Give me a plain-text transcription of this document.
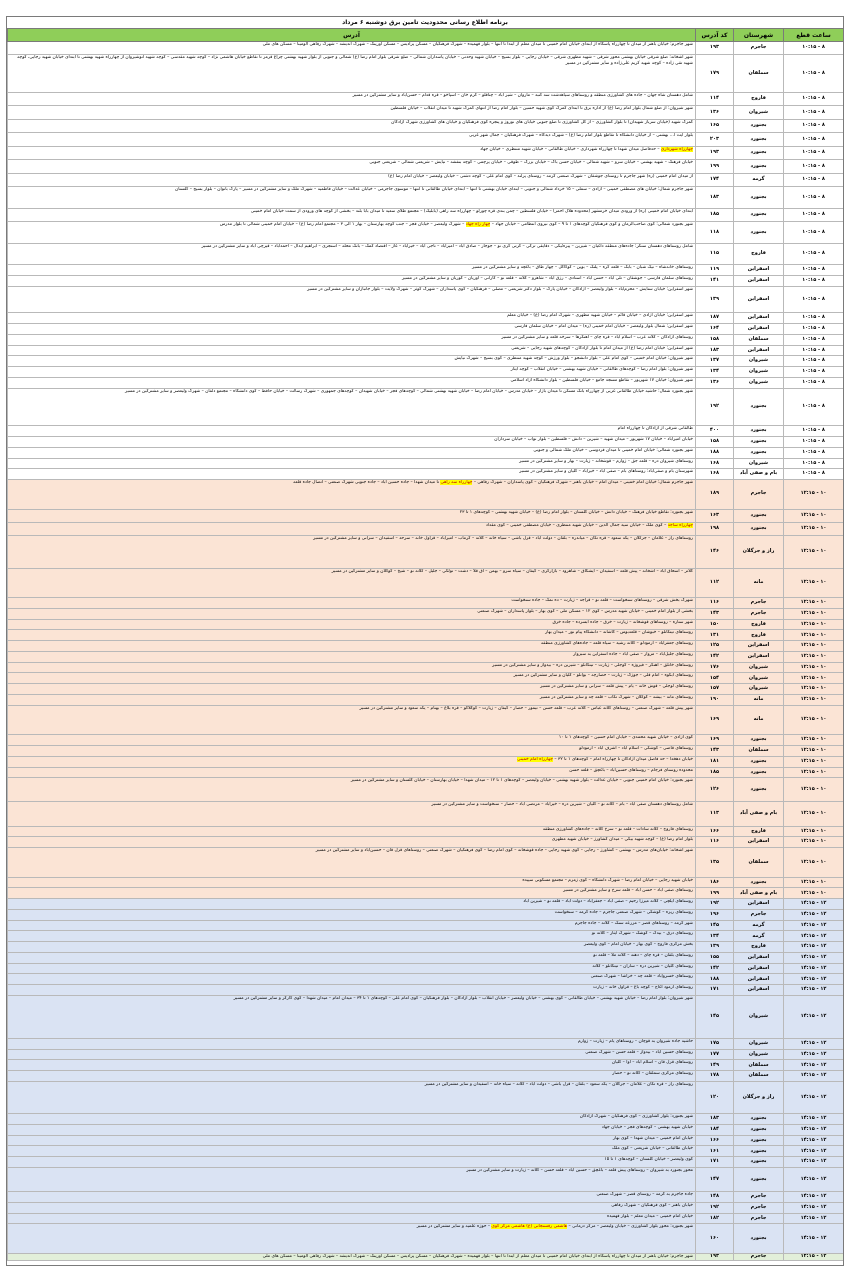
برنامه اطلاع رسانی محدودیت تامین برق دوشنبه ۶ مرداد
ساعت قطع
شهرستان
کد آدرس
آدرس
۸ - ۱۰:۱۵
جاجرم
۱۹۳
شهر جاجرم: خیابان باهنر از میدان تا چهارراه پاسگاه از ابتدای خیابان امام خمینی تا میدان معلم از ابتدا تا انتها – بلوار فهمیده – شهرک فرهنگیان – مسکن پرادیس – مسکن اورینگ – شهرک اندیشه – شهرک رفاهی الومینا – مسکن های ملی
۸ - ۱۰:۱۵
سملقان
۱۷۹
شهر آشخانه: ضلع شرقی خیابان بهشتی محور شرقی – شهید مطهری شرقی – خیابان رجایی – بلوار بسیج – خیابان شهید وحدتی – خیابان پاسداران شمالی – ضلع شرقی بلوار امام رضا (ع) شمالی و جنوبی از بلوار شهید بهشتی چراغ قرمز تا تقاطع خیابان هاشمی نژاد – کوچه شهید مقدسی – کوچه شهید انوشیروان از چهارراه شهید بهشتی تا ابتدای خیابان شهید رجایی، کوچه شهید تقی زاده – کوچه شهید کریم علی‌زاده و سایر مشترکین در مسیر
۸ - ۱۰:۱۵
فاروج
۱۱۴
شامل دهستان شاه جهان – جاده های کشاورزی منطقه و روستاهای سیاهدشت سه گنبد – ماروان – شیر آباد – چناقلو – گرم خان – اسپاخو – قره قدام – حسن‌آباد و سایر مشترکین در مسیر
۸ - ۱۰:۱۵
شیروان
۱۳۶
شهر شیروان: از ضلع شمال بلوار امام رضا (ع) از اداره برق تا ابتدای گمرک کوی شهید حسین – بلوار امام رضا از انتهای گمرک شهید تا میدان انقلاب – خیابان فلسطین
۸ - ۱۰:۱۵
بجنورد
۱۶۵
گمرک شهید (خیابان سرباز شهیدان) تا بلوار کشاورزی – از کل کشاورزی تا ضلع جنوبی خیابان های نوروز و پنجره کوی فرهنگیان و خیابان های کشاورزی شهرک آزادگان
۸ - ۱۰:۱۵
بجنورد
۲۰۳
بلوار آیت ا... بهشتی – از خیابان دانشگاه تا تقاطع بلوار امام رضا (ع) – شهرک دیدگاه – شهرک فرهنگیان – جمال شهر غربی
۸ - ۱۰:۱۵
بجنورد
۱۹۳
چهارراه شهرداری – حدفاصل میدان شهدا تا چهارراه شهرداری – خیابان طالقانی – خیابان شهید منتظری – خیابان جهاد
۸ - ۱۰:۱۵
بجنورد
۱۹۹
خیابان فرهنگ – شهید بهشتی – خیابان سرو – شهید شمالی – خیابان حسن باک – خیابان بزرگ – طوقی – خیابان پرچمی – کوچه بنفشه – نیایش – شریعتی شمالی – شریعتی جنوبی
۸ - ۱۰:۱۵
گرمه
۱۷۴
از میدان امام خمینی (ره) شهر جاجرم تا روستای جوشقان – شهرک صنعتی گرمه – روستای پرلند – کوی امام علی – کوچه دشتی – خیابان ولیعصر – خیابان امام رضا (ع)
۸ - ۱۰:۱۵
بجنورد
۱۸۳
شهر جاجرم شمال: خیابان های مصطفی خمینی – آزادی – سملی – ۱۵ خرداد شمالی و جنوبی – ابتدای خیابان بهشتی تا انتها – ابتدای خیابان طالقانی تا انتها – موسوی جاجرمی – خیابان عدالت – خیابان فاطمیه – شهرک ملک و سایر مشترکین در مسیر – پارک بانوان – بلوار بسیج – گلستان
۸ - ۱۰:۱۵
بجنورد
۱۸۵
ابتدای خیابان امام خمینی (ره) از ورودی میدان خرمشهر (محدوده هلال احمر) – خیابان فلسطین – چمن بندی قره چورلو – چهارراه سه راهی (بابلیک) – مجتمع طلای سعید تا میدان بابا بلند – بخشی از کوچه های ورودی از سمت خیابان امام خمینی
۸ - ۱۰:۱۵
بجنورد
۱۱۸
شهر بجنورد شمالی: کوی صاحب‌الزمان و کوی فرهنگیان کوچه‌های ۱ تا ۹ – کوی نیروی انتظامی – خیابان جهاد – چهار راه جهاد – شهرک ولیعصر – خیابان فجر – جنب کوچه بهارستان – بهار ۱ الی ۳ – مجتمع امام رضا (ع) – خیابان امام خمینی شمالی تا بلوار مدرس
۸ - ۱۰:۱۵
فاروج
۱۱۵
شامل روستاهای دهستان سنگر: جاده‌های منطقه داغیان – شیرین – پیره‌ئیکی – دقایقی ترکی – گرتی گری نو – جوجار – صادق آباد – امیرآباد – تاجی آباد – خیرآباد – غاز – اقتصاد کمک – بانک محله – استجری – ابراهیم ابدال – احمدآباد – قیرچی آباد و سایر مشترکین در مسیر
۸ - ۱۰:۱۵
اسفراین
۱۱۹
روستاهای خانه‌شاه – نیک شبان – بابک – قلعه گره – پلنگ – بوین – کوکاکل – چهار طاق – باغچه و سایر مشترکین در مسیر
۸ - ۱۰:۱۵
اسفراین
۱۴۱
روستاهای سلمان فارسی – جوشقان – تلی آباد – حسن آباد – آستادی – رزق آباد – شاهرو – کلاته – قلعه نو – گارانی – اوریان – گوریان و سایر مشترکین در مسیر
۸ - ۱۰:۱۵
اسفراین
۱۳۹
شهر اسفراین: خیابان ستایش – محرم‌آباد – بلوار ولیعصر – آزادگان – خیابان پارک – بلوار دکتر شریعتی – مصلی – فرهنگیان – کوی پاسداران – شهرک کوثر – شهرک ولایت – بلوار جانبازان و سایر مشترکین در مسیر
۸ - ۱۰:۱۵
اسفراین
۱۸۷
شهر اسفراین: خیابان آزادی – خیابان قائم – خیابان شهید مطهری – شهرک امام رضا (ع) – خیابان معلم
۸ - ۱۰:۱۵
اسفراین
۱۶۴
شهر اسفراین: شمال بلوار ولیعصر – خیابان امام خمینی (ره) – میدان امام – خیابان سلمان فارسی
۸ - ۱۰:۱۵
سملقان
۱۵۸
روستاهای آزادگان – کلاته عرب – اسلام آباد – قره چای – آهنگرها – سرخه قلعه و سایر مشترکین در مسیر
۸ - ۱۰:۱۵
اسفراین
۱۸۳
شهر اسفراین: خیابان امام رضا (ع) از میدان امام تا بلوار آزادگان – کوچه‌های شهید رجایی – شریعتی
۸ - ۱۰:۱۵
شیروان
۱۳۷
شهر شیروان: خیابان امام خمینی – کوی امام علی – بلوار دانشجو – بلوار ورزش – کوچه شهید منتظری – کوی بسیج – شهرک نیایش
۸ - ۱۰:۱۵
شیروان
۱۳۴
شهر شیروان: بلوار امام رضا – کوچه‌های طالقانی – خیابان شهید بهشتی – خیابان انقلاب – کوچه ایثار
۸ - ۱۰:۱۵
شیروان
۱۳۶
شهر شیروان: خیابان ۱۷ شهریور – تقاطع مسجد جامع – خیابان فلسطین – بلوار دانشگاه آزاد اسلامی
۸ - ۱۰:۱۵
بجنورد
۱۹۲
شهر بجنورد شمال: حاشیه خیابان طالقانی غربی از چهارراه بانک مسکن تا میدان بازار – خیابان مدرس – خیابان امام رضا – خیابان شهید بهشتی شمالی – کوچه‌های فجر – خیابان شهیدان – کوچه‌های جمهوری – شهرک رسالت – خیابان حافظ – کوی دانشگاه – مجتمع دلفان – شهرک ولیعصر و سایر مشترکین در مسیر
۸ - ۱۰:۱۵
بجنورد
۴۰۰
طالقانی شرقی از آزادگان تا چهارراه امام
۸ - ۱۰:۱۵
بجنورد
۱۵۸
خیابان امیرآباد – خیابان ۱۷ شهریور – میدان شهید – شیرین – دانش – فلسطین – بلوار نواب – خیابان سرداران
۸ - ۱۰:۱۵
بجنورد
۱۸۸
شهر بجنورد شمالی: خیابان امام خمینی تا میدان فردوسی – خیابان ملک شمالی و جنوبی
۸ - ۱۰:۱۵
شیروان
۱۶۸
روستاهای شیروان دره – قلعه جق – زوارم – قوشخانه – زیارت – بهار و سایر مشترکین در مسیر
۸ - ۱۰:۱۵
بام و صفی آباد
۱۶۸
شهرستان بام و صفی‌آباد: روستاهای بام – صفی آباد – خیرآباد – گلیان و سایر مشترکین در مسیر
۱۰ - ۱۲:۱۵
جاجرم
۱۸۹
شهر جاجرم شمال: خیابان امام خمینی – میدان امام – خیابان باهنر – شهرک فرهنگیان – کوی پاسداران – شهرک رفاهی – چهارراه سه راهی تا میدان شهدا – جاده حسین آباد – جاده جنوبی شهرک صنعتی – اتصال جاده قلعه
۱۰ - ۱۲:۱۵
بجنورد
۱۶۳
شهر بجنورد: تقاطع خیابان فرهنگ – خیابان دانش – خیابان گلستان – بلوار امام رضا (ع) – خیابان شهید بهشتی – کوچه‌های ۱ تا ۲۳
۱۰ - ۱۲:۱۵
بجنورد
۱۹۸
چهارراه ساجد – کوی ملک – خیابان سید جمال الدین – خیابان شهید منتظری – خیابان مصطفی خمینی – کوی مقداد
۱۰ - ۱۲:۱۵
راز و جرگلان
۱۴۶
روستاهای راز – غلامان – جرگلان – یکه سعود – قره تکان – میاندره – بلقان – دولت آباد – قزل باشی – سیاه خانه – کلاته – گرماب – امیرآباد – قراول خانه – سرحد – اسفیدان – سرانی و سایر مشترکین در مسیر
۱۰ - ۱۲:۱۵
مانه
۱۱۲
کلاتر – اسحاق آباد – آشخانه – پیش قلعه – اسفیدان – ایشکاق – شاهرود – بازارگری – گیفان – سیاه سرو – بهمن – آق قلا – دشت – تولکی – جلیل – کلاته نو – شیخ – گوکلان و سایر مشترکین در مسیر
۱۰ - ۱۲:۱۵
جاجرم
۱۱۶
شهرک بخش شرقی – روستاهای سنخواست – قلعه نو – قراجه – زیارت – ده نمک – جاده سنخواست
۱۰ - ۱۲:۱۵
جاجرم
۱۴۳
بخشی از بلوار امام خمینی – خیابان شهید مدرس – کوی ۱۲ – مسکن ملی – کوی بهار – بلوار پاسداران – شهرک صنعتی
۱۰ - ۱۲:۱۵
فاروج
۱۵۰
شهر ستاره – روستاهای قوشخانه – زیارت – خرق – جاده آبسرده – جاده خرق
۱۰ - ۱۲:۱۵
فاروج
۱۳۱
روستاهای تیتکانلو – خبوشان – قلعه‌بوس – کاشانه – دانشگاه پیام نور – میدان بهار
۱۰ - ۱۲:۱۵
اسفراین
۱۲۵
روستاهای جعفرآباد – آرمودلو – کلاته رشید – سیاه قلعه – جاده‌های کشاورزی منطقه
۱۰ - ۱۲:۱۵
اسفراین
۱۴۲
روستاهای جلیل‌آباد – مروار – صفی آباد – جاده اسفراین به سبزوار
۱۰ - ۱۲:۱۵
شیروان
۱۷۶
روستاهای خانلق – آهنگر – فیروزه – گوجلی – زیارت – تیتکانلو – شیرین دره – بیدواز و سایر مشترکین در مسیر
۱۰ - ۱۲:۱۵
شیروان
۱۵۴
روستاهای آبکوه – امام قلی – جوزک – زیارت – حصارچه – بوانلو – گلیان و سایر مشترکین در مسیر
۱۰ - ۱۲:۱۵
شیروان
۱۵۷
روستاهای لوجلی – قوش خانه – یام – پیش قلعه – سرانی و سایر مشترکین در مسیر
۱۰ - ۱۲:۱۵
مانه
۱۹۰
روستاهای مانه – بیشه – گوکلان – شهرک تکاب – قلعه چه و سایر مشترکین در مسیر
۱۰ - ۱۲:۱۵
مانه
۱۶۹
شهر پیش قلعه – شهرک صنعتی – روستاهای کلاته عباس – کلاته عرب – قلعه حسن – تیمور – حصار – گیفان – زیارت – کوکلاکو – قره بلاغ – بهنام – یکه سعود و سایر مشترکین در مسیر
۱۰ - ۱۲:۱۵
بجنورد
۱۶۹
کوی آزادی – خیابان شهید محمدی – خیابان امام حسین – کوچه‌های ۱ تا ۱۰
۱۰ - ۱۲:۱۵
سملقان
۱۴۳
روستاهای قاضی – کوشکی – اسلام آباد – اشرف آباد – آرمودلو
۱۰ - ۱۲:۱۵
بجنورد
۱۸۱
خیابان دهخدا – حد فاصل میدان آزادگان تا چهارراه امام – کوچه‌های ۱ تا ۳۲ – چهارراه امام خمینی
۱۰ - ۱۲:۱۵
بجنورد
۱۸۵
محدوده روستای فرجام – روستاهای حسین‌آباد – باغچق – قلعه حسن
۱۰ - ۱۲:۱۵
بجنورد
۱۲۶
شهر بجنورد: خیابان امام خمینی جنوبی – خیابان عدالت – بلوار شهید بهشتی – خیابان ولیعصر – کوچه‌های ۱ تا ۱۲ – میدان شهدا – خیابان بهارستان – خیابان گلستان و سایر مشترکین در مسیر
۱۰ - ۱۲:۱۵
بام و صفی آباد
۱۱۳
شامل روستاهای دهستان صفی آباد – بام – کلاته نو – گلیان – شیرین دره – خیرآباد – مرتضی آباد – حصار – سنخواست و سایر مشترکین در مسیر
۱۰ - ۱۲:۱۵
فاروج
۱۶۶
روستاهای فاروج – کلاته سادات – قلعه نو – سرخ کلاته – جاده‌های کشاورزی منطقه
۱۰ - ۱۲:۱۵
اسفراین
۱۱۶
بلوار امام رضا (ع) – کوچه شهید بیگی – میدان کشاورز – خیابان شهید مطهری
۱۰ - ۱۲:۱۵
سملقان
۱۳۵
شهر آشخانه: خیابان‌های مدرس – بهشتی – کشاورز – رجایی – کوی شهید رجایی – جاده قوشخانه – کوی امام رضا – کوی فرهنگیان – شهرک صنعتی – روستاهای قزل قان – حسین‌آباد و سایر مشترکین در مسیر
۱۰ - ۱۲:۱۵
بجنورد
۱۸۶
خیابان شهید رجایی – خیابان امام رضا – شهرک دانشگاه – کوی زمزم – مجتمع مسکونی سپیده
۱۰ - ۱۲:۱۵
بام و صفی آباد
۱۹۹
روستاهای صفی آباد – حسن آباد – قلعه سرخ و سایر مشترکین در مسیر
۱۲ - ۱۴:۱۵
اسفراین
۱۹۲
روستاهای ایلچی – کلاته میرزا رحیم – صفی آباد – جعفرآباد – دولت آباد – قلعه نو – شیرین آباد
۱۲ - ۱۴:۱۵
جاجرم
۱۹۶
روستاهای ریزه – کوشکی – شهرک صنعتی جاجرم – جاده گرمه – سنخواست
۱۲ - ۱۴:۱۵
گرمه
۱۴۵
شهر گرمه – روستاهای قصر – مزرعه سنگ – کلاته – جاده جاجرم
۱۲ - ۱۴:۱۵
گرمه
۱۳۴
روستاهای درق – بیدک – کوشک – شهرک ایثار – کلاته نو
۱۲ - ۱۴:۱۵
فاروج
۱۳۹
بخش مرکزی فاروج – کوی بهار – خیابان امام – کوی ولیعصر
۱۲ - ۱۴:۱۵
اسفراین
۱۵۵
روستاهای بلقان – قره چای – دهنه – کلاته ملا – قلعه نو
۱۲ - ۱۴:۱۵
اسفراین
۱۴۲
روستاهای گلیان – شیرین دره – ساران – تیتکانلو – کلاته
۱۲ - ۱۴:۱۵
اسفراین
۱۸۸
روستاهای خسروآباد – قلعه چه – خراشا – شهرک صنعتی
۱۲ - ۱۴:۱۵
اسفراین
۱۷۱
روستاهای آرمود آغاج – کوچه باغ – قراول خانه – زیارت
۱۲ - ۱۴:۱۵
شیروان
۱۴۵
شهر شیروان: بلوار امام رضا – خیابان شهید بهشتی – خیابان طالقانی – کوی بهشتی – خیابان ولیعصر – خیابان انقلاب – بلوار آزادگان – بلوار فرهنگیان – کوی امام علی – کوچه‌های ۱ تا ۳۴ – میدان امام – میدان شهدا – کوی کارگر و سایر مشترکین در مسیر
۱۲ - ۱۴:۱۵
شیروان
۱۷۵
حاشیه جاده شیروان به قوچان – روستاهای یام – زیارت – زوارم
۱۲ - ۱۴:۱۵
شیروان
۱۷۷
روستاهای حسین آباد – بیدواز – قلعه حسن – شهرک صنعتی
۱۲ - ۱۴:۱۵
سملقان
۱۴۹
روستاهای قزل قان – اسلام آباد – آوا – گلیان
۱۲ - ۱۴:۱۵
سملقان
۱۷۸
روستاهای مرکزی سملقان – کلاته نو – حصار
۱۲ - ۱۴:۱۵
راز و جرگلان
۱۲۰
روستاهای راز – قره تکان – غلامان – جرگلان – یکه سعود – بلقان – قزل باشی – دولت آباد – کلاته – سیاه خانه – اسفیدان و سایر مشترکین در مسیر
۱۲ - ۱۴:۱۵
بجنورد
۱۸۳
شهر بجنورد: بلوار کشاورزی – کوی فرهنگیان – شهرک آزادگان
۱۲ - ۱۴:۱۵
بجنورد
۱۸۴
خیابان شهید بهشتی – کوچه‌های فجر – خیابان جهاد
۱۲ - ۱۴:۱۵
بجنورد
۱۶۶
خیابان امام خمینی – میدان شهدا – کوی بهار
۱۲ - ۱۴:۱۵
بجنورد
۱۶۱
خیابان طالقانی – خیابان شریعتی – کوی ملک
۱۲ - ۱۴:۱۵
بجنورد
۱۷۱
کوی ولیعصر – خیابان گلستان – کوچه‌های ۱ تا ۱۵
۱۲ - ۱۴:۱۵
بجنورد
۱۴۷
محور بجنورد به شیروان – روستاهای پیش قلعه – باغچق – حسین آباد – قلعه حسن – کلاته – زیارت و سایر مشترکین در مسیر
۱۲ - ۱۴:۱۵
جاجرم
۱۴۸
جاده جاجرم به گرمه – روستای قصر – شهرک صنعتی
۱۲ - ۱۴:۱۵
جاجرم
۱۹۲
خیابان باهنر – کوی فرهنگیان – شهرک رفاهی
۱۲ - ۱۴:۱۵
جاجرم
۱۸۲
خیابان امام خمینی – میدان معلم – بلوار فهمیده
۱۲ - ۱۴:۱۵
بجنورد
۱۶۰
شهر بجنورد: محور بلوار کشاورزی – خیابان ولیعصر – مرکز درمانی – هاشمی رفسنجانی (ع) هاشمی مرکز کوی – حوزه علمیه و سایر مشترکین در مسیر
۱۲ - ۱۴:۱۵
جاجرم
۱۹۳
شهر جاجرم: خیابان باهنر از میدان تا چهارراه پاسگاه از ابتدای خیابان امام خمینی تا میدان معلم از ابتدا تا انتها – بلوار فهمیده – شهرک فرهنگیان – مسکن پرادیس – مسکن اورینگ – شهرک اندیشه – شهرک رفاهی الومینا – مسکن های ملی
